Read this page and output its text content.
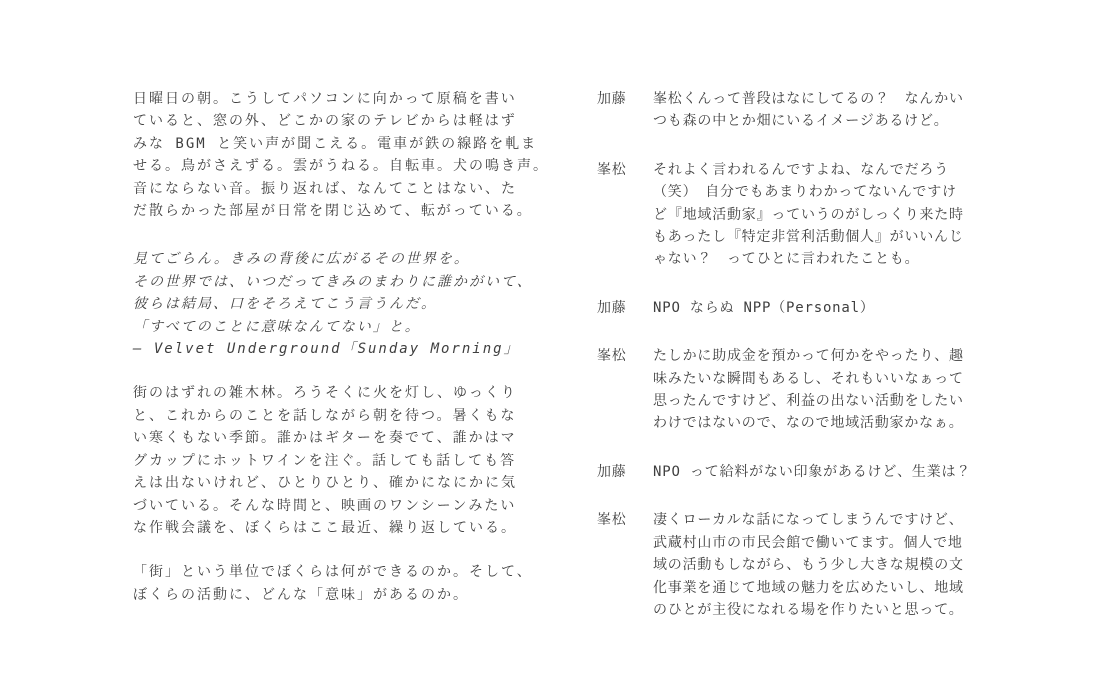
日曜日の朝。こうしてパソコンに向かって原稿を書い
ていると、窓の外、どこかの家のテレビからは軽はず
みな BGM と笑い声が聞こえる。電車が鉄の線路を軋ま
せる。鳥がさえずる。雲がうねる。自転車。犬の鳴き声。
音にならない音。振り返れば、なんてことはない、た
だ散らかった部屋が日常を閉じ込めて、転がっている。

見てごらん。きみの背後に広がるその世界を。
その世界では、いつだってきみのまわりに誰かがいて、
彼らは結局、口をそろえてこう言うんだ。
「すべてのことに意味なんてない」と。
— Velvet Underground「Sunday Morning」

街のはずれの雑木林。ろうそくに火を灯し、ゆっくり
と、これからのことを話しながら朝を待つ。暑くもな
い寒くもない季節。誰かはギターを奏でて、誰かはマ
グカップにホットワインを注ぐ。話しても話しても答
えは出ないけれど、ひとりひとり、確かになにかに気
づいている。そんな時間と、映画のワンシーンみたい
な作戦会議を、ぼくらはここ最近、繰り返している。

「街」という単位でぼくらは何ができるのか。そして、
ぼくらの活動に、どんな「意味」があるのか。

加藤	峯松くんって普段はなにしてるの？　なんかい
つも森の中とか畑にいるイメージあるけど。
峯松	それよく言われるんですよね、なんでだろう
（笑）　自分でもあまりわかってないんですけ
ど『地域活動家』っていうのがしっくり来た時
もあったし『特定非営利活動個人』がいいんじ
ゃない？　ってひとに言われたことも。
加藤	NPO ならぬ NPP（Personal）
峯松	たしかに助成金を預かって何かをやったり、趣
味みたいな瞬間もあるし、それもいいなぁって
思ったんですけど、利益の出ない活動をしたい
わけではないので、なので地域活動家かなぁ。
加藤	NPO って給料がない印象があるけど、生業は？
峯松	凄くローカルな話になってしまうんですけど、
武蔵村山市の市民会館で働いてます。個人で地
域の活動もしながら、もう少し大きな規模の文
化事業を通じて地域の魅力を広めたいし、地域
のひとが主役になれる場を作りたいと思って。
